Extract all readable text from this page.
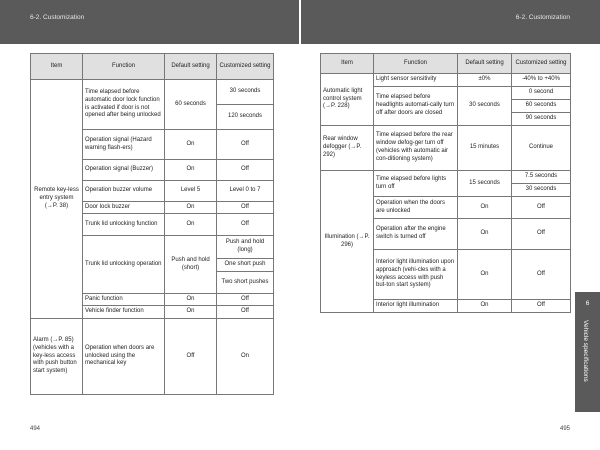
6-2. Customization	6-2. Customization
Item	Function	Default setting	Customized setting
Remote key-less entry system (→P. 38)	Time elapsed before automatic door lock function is activated if door is not opened after being unlocked	60 seconds	30 seconds
			120 seconds
	Operation signal (Hazard warning flash-ers)	On	Off
	Operation signal (Buzzer)	On	Off
	Operation buzzer volume	Level 5	Level 0 to 7
	Door lock buzzer	On	Off
	Trunk lid unlocking function	On	Off
	Trunk lid unlocking operation	Push and hold (short)	Push and hold (long)
			One short push
			Two short pushes
	Panic function	On	Off
	Vehicle finder function	On	Off
Alarm (→P. 85) (vehicles with a key-less access with push button start system)	Operation when doors are unlocked using the mechanical key	Off	On
Item	Function	Default setting	Customized setting
Automatic light control system (→P. 228)	Light sensor sensitivity	±0%	-40% to +40%
	Time elapsed before headlights automati-cally turn off after doors are closed	30 seconds	0 second
			60 seconds
			90 seconds
Rear window defogger (→P. 292)	Time elapsed before the rear window defog-ger turn off (vehicles with automatic air con-ditioning system)	15 minutes	Continue
Illumination (→P. 296)	Time elapsed before lights turn off	15 seconds	7.5 seconds
			30 seconds
	Operation when the doors are unlocked	On	Off
	Operation after the engine switch is turned off	On	Off
	Interior light illumination upon approach (vehi-cles with a keyless access with push but-ton start system)	On	Off
	Interior light illumination	On	Off	6
Vehicle specifications
494	495
